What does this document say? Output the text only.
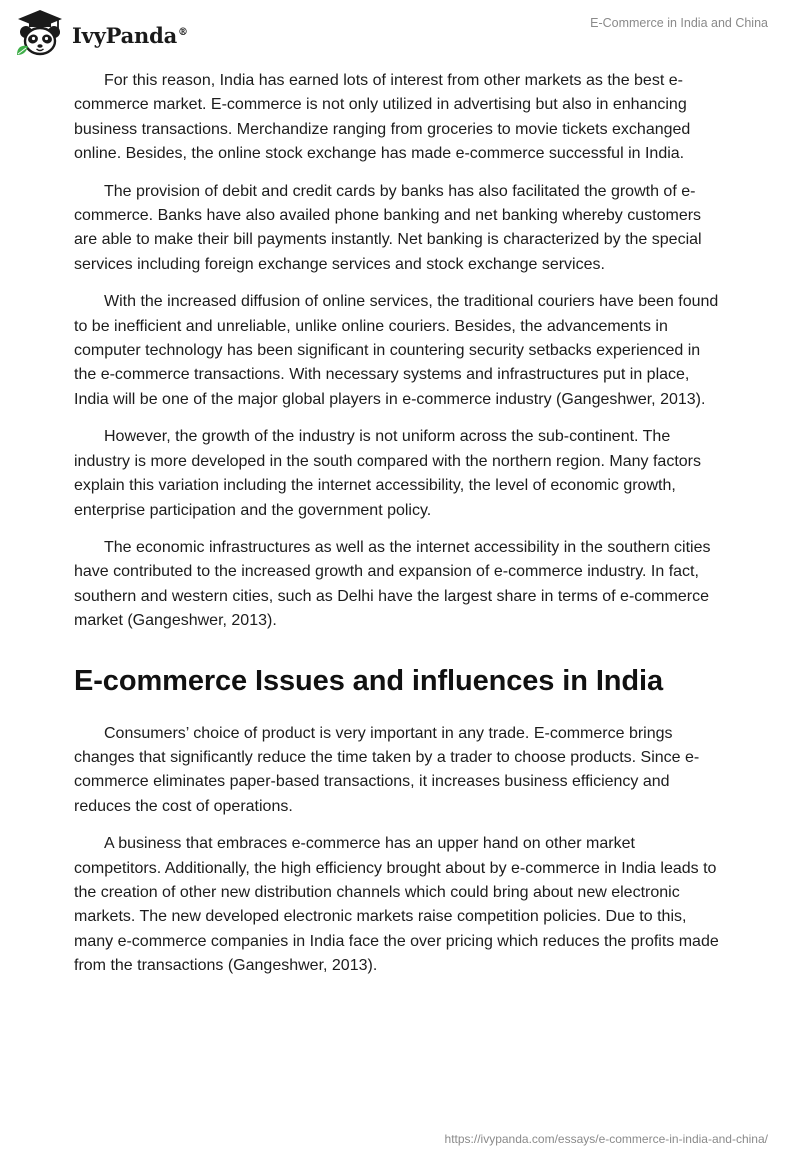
IvyPanda®
E-Commerce in India and China

For this reason, India has earned lots of interest from other markets as the best e-commerce market. E-commerce is not only utilized in advertising but also in enhancing business transactions. Merchandize ranging from groceries to movie tickets exchanged online. Besides, the online stock exchange has made e-commerce successful in India.

The provision of debit and credit cards by banks has also facilitated the growth of e-commerce. Banks have also availed phone banking and net banking whereby customers are able to make their bill payments instantly. Net banking is characterized by the special services including foreign exchange services and stock exchange services.

With the increased diffusion of online services, the traditional couriers have been found to be inefficient and unreliable, unlike online couriers. Besides, the advancements in computer technology has been significant in countering security setbacks experienced in the e-commerce transactions. With necessary systems and infrastructures put in place, India will be one of the major global players in e-commerce industry (Gangeshwer, 2013).

However, the growth of the industry is not uniform across the sub-continent. The industry is more developed in the south compared with the northern region. Many factors explain this variation including the internet accessibility, the level of economic growth, enterprise participation and the government policy.

The economic infrastructures as well as the internet accessibility in the southern cities have contributed to the increased growth and expansion of e-commerce industry. In fact, southern and western cities, such as Delhi have the largest share in terms of e-commerce market (Gangeshwer, 2013).

E-commerce Issues and influences in India

Consumers’ choice of product is very important in any trade. E-commerce brings changes that significantly reduce the time taken by a trader to choose products. Since e-commerce eliminates paper-based transactions, it increases business efficiency and reduces the cost of operations.

A business that embraces e-commerce has an upper hand on other market competitors. Additionally, the high efficiency brought about by e-commerce in India leads to the creation of other new distribution channels which could bring about new electronic markets. The new developed electronic markets raise competition policies. Due to this, many e-commerce companies in India face the over pricing which reduces the profits made from the transactions (Gangeshwer, 2013).

https://ivypanda.com/essays/e-commerce-in-india-and-china/
